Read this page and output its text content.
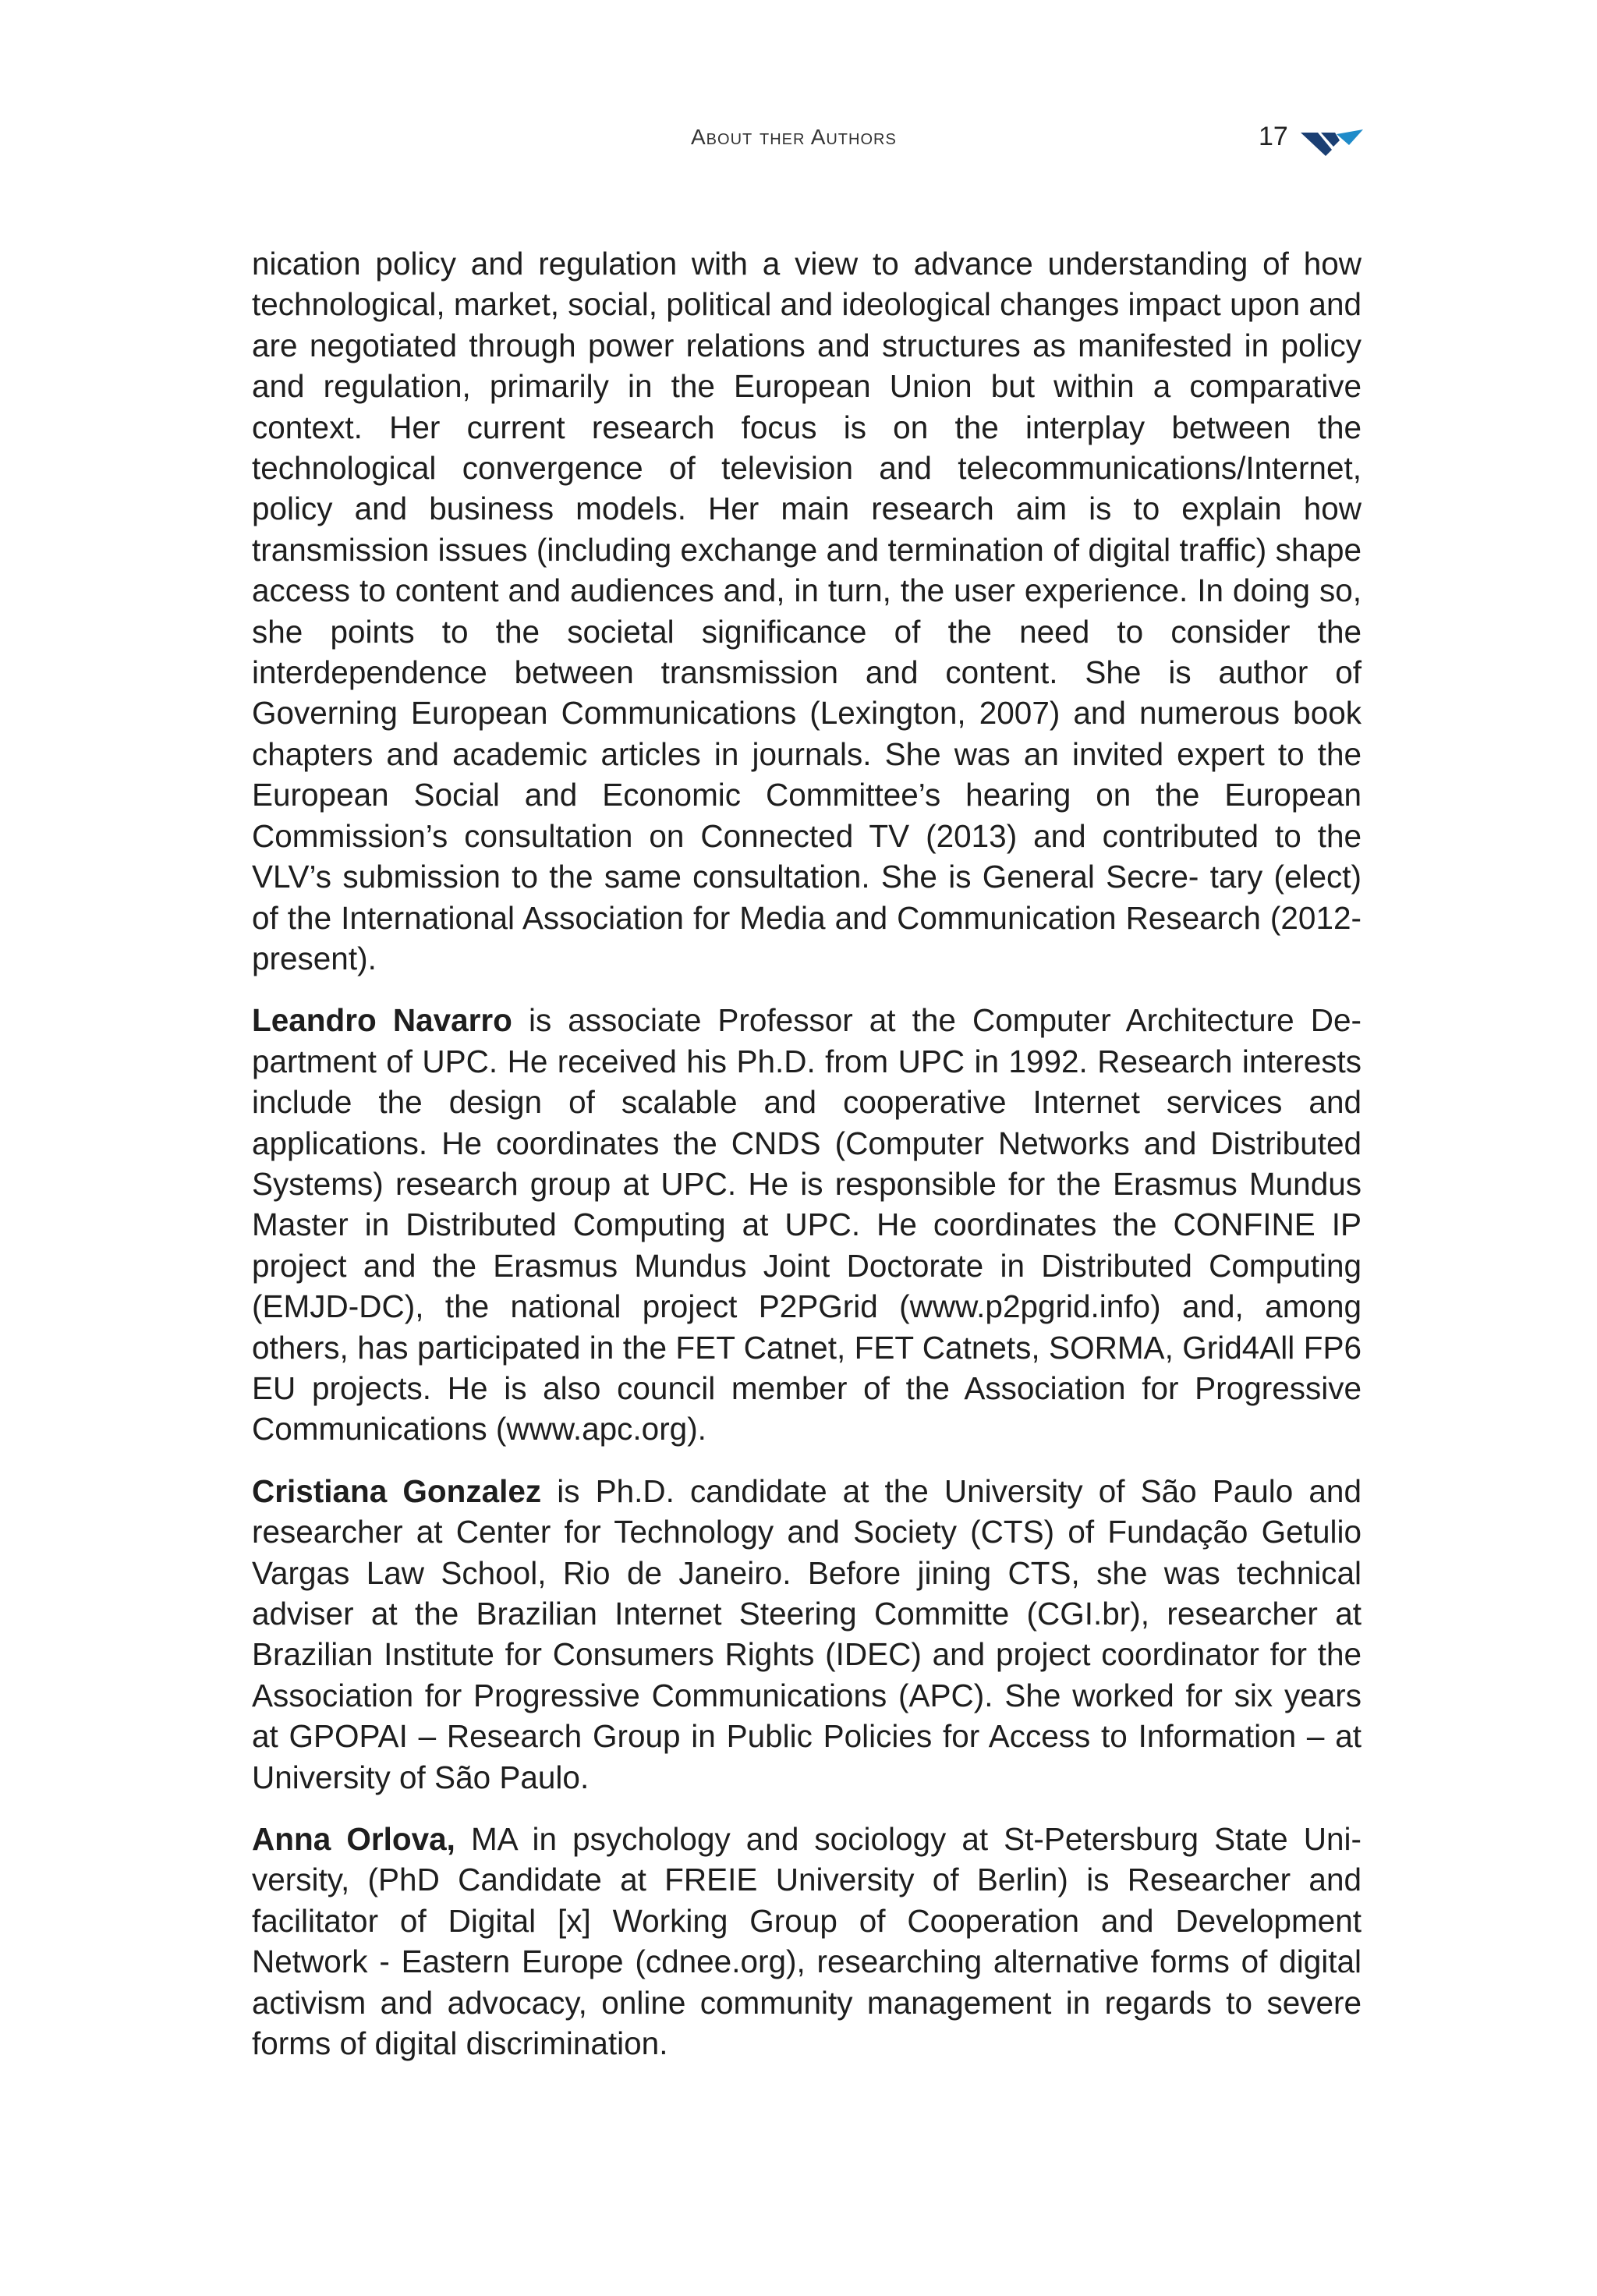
About ther Authors	17

nication policy and regulation with a view to advance understanding of how technological, market, social, political and ideological changes impact upon and are negotiated through power relations and structures as manifested in policy and regulation, primarily in the European Union but within a comparative context. Her current research focus is on the interplay between the technological convergence of television and telecommunications/Internet, policy and business models. Her main research aim is to explain how transmission issues (including exchange and termination of digital traffic) shape access to content and audiences and, in turn, the user experience. In doing so, she points to the societal significance of the need to consider the interdependence between transmission and content. She is author of Governing European Communications (Lexington, 2007) and numerous book chapters and academic articles in journals. She was an invited expert to the European Social and Economic Committee’s hearing on the European Commission’s consultation on Connected TV (2013) and contributed to the VLV’s submission to the same consultation. She is General Secre- tary (elect) of the International Association for Media and Communication Research (2012- present).

Leandro Navarro is associate Professor at the Computer Architecture Department of UPC. He received his Ph.D. from UPC in 1992. Research interests include the design of scalable and cooperative Internet services and applications. He coordinates the CNDS (Computer Networks and Distributed Systems) research group at UPC. He is responsible for the Erasmus Mundus Master in Distributed Computing at UPC. He coordinates the CONFINE IP project and the Erasmus Mundus Joint Doctorate in Distributed Computing (EMJD-DC), the national project P2PGrid (www.p2pgrid.info) and, among others, has participated in the FET Catnet, FET Catnets, SORMA, Grid4All FP6 EU projects. He is also council member of the Association for Progressive Communications (www.apc.org).

Cristiana Gonzalez is Ph.D. candidate at the University of São Paulo and researcher at Center for Technology and Society (CTS) of Fundação Getulio Vargas Law School, Rio de Janeiro. Before jining CTS, she was technical adviser at the Brazilian Internet Steering Committe (CGI.br), researcher at Brazilian Institute for Consumers Rights (IDEC) and project coordinator for the Association for Progressive Communications (APC). She worked for six years at GPOPAI – Research Group in Public Policies for Access to Information – at University of São Paulo.

Anna Orlova, MA in psychology and sociology at St-Petersburg State University, (PhD Candidate at FREIE University of Berlin) is Researcher and facilitator of Digital [x] Working Group of Cooperation and Development Network - Eastern Europe (cdnee.org), researching alternative forms of digital activism and advocacy, online community management in regards to severe forms of digital discrimination.
